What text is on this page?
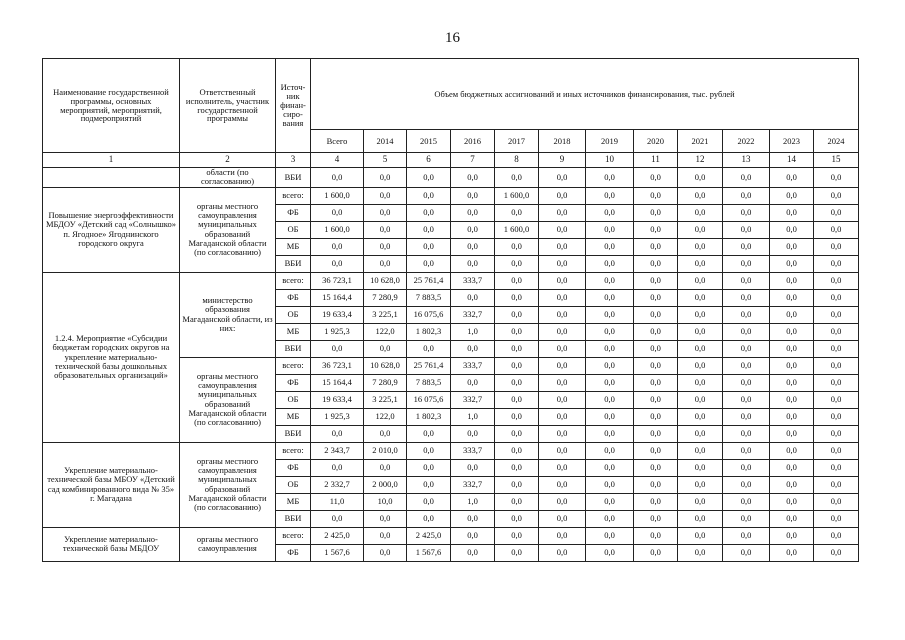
16
Наименование государственной программы, основных мероприятий, мероприятий, подмероприятий	Ответственный исполнитель, участник государственной программы	Источ-ник финан-сиро-вания	Объем бюджетных ассигнований и иных источников финансирования, тыс. рублей											
			Всего	2014	2015	2016	2017	2018	2019	2020	2021	2022	2023	2024
1	2	3	4	5	6	7	8	9	10	11	12	13	14	15
	области (по согласованию)	ВБИ	0,0	0,0	0,0	0,0	0,0	0,0	0,0	0,0	0,0	0,0	0,0	0,0
Повышение энергоэффективности МБДОУ «Детский сад «Солнышко» п. Ягодное» Ягоднинского городского округа	органы местного самоуправления муниципальных образований Магаданской области (по согласованию)	всего:	1 600,0	0,0	0,0	0,0	1 600,0	0,0	0,0	0,0	0,0	0,0	0,0	0,0
		ФБ	0,0	0,0	0,0	0,0	0,0	0,0	0,0	0,0	0,0	0,0	0,0	0,0
		ОБ	1 600,0	0,0	0,0	0,0	1 600,0	0,0	0,0	0,0	0,0	0,0	0,0	0,0
		МБ	0,0	0,0	0,0	0,0	0,0	0,0	0,0	0,0	0,0	0,0	0,0	0,0
		ВБИ	0,0	0,0	0,0	0,0	0,0	0,0	0,0	0,0	0,0	0,0	0,0	0,0
1.2.4. Мероприятие «Субсидии бюджетам городских округов на укрепление материально-технической базы дошкольных образовательных организаций»	министерство образования Магаданской области, из них:	всего:	36 723,1	10 628,0	25 761,4	333,7	0,0	0,0	0,0	0,0	0,0	0,0	0,0	0,0
		ФБ	15 164,4	7 280,9	7 883,5	0,0	0,0	0,0	0,0	0,0	0,0	0,0	0,0	0,0
		ОБ	19 633,4	3 225,1	16 075,6	332,7	0,0	0,0	0,0	0,0	0,0	0,0	0,0	0,0
		МБ	1 925,3	122,0	1 802,3	1,0	0,0	0,0	0,0	0,0	0,0	0,0	0,0	0,0
		ВБИ	0,0	0,0	0,0	0,0	0,0	0,0	0,0	0,0	0,0	0,0	0,0	0,0
	органы местного самоуправления муниципальных образований Магаданской области (по согласованию)	всего:	36 723,1	10 628,0	25 761,4	333,7	0,0	0,0	0,0	0,0	0,0	0,0	0,0	0,0
		ФБ	15 164,4	7 280,9	7 883,5	0,0	0,0	0,0	0,0	0,0	0,0	0,0	0,0	0,0
		ОБ	19 633,4	3 225,1	16 075,6	332,7	0,0	0,0	0,0	0,0	0,0	0,0	0,0	0,0
		МБ	1 925,3	122,0	1 802,3	1,0	0,0	0,0	0,0	0,0	0,0	0,0	0,0	0,0
		ВБИ	0,0	0,0	0,0	0,0	0,0	0,0	0,0	0,0	0,0	0,0	0,0	0,0
Укрепление материально-технической базы МБОУ «Детский сад комбинированного вида № 35» г. Магадана	органы местного самоуправления муниципальных образований Магаданской области (по согласованию)	всего:	2 343,7	2 010,0	0,0	333,7	0,0	0,0	0,0	0,0	0,0	0,0	0,0	0,0
		ФБ	0,0	0,0	0,0	0,0	0,0	0,0	0,0	0,0	0,0	0,0	0,0	0,0
		ОБ	2 332,7	2 000,0	0,0	332,7	0,0	0,0	0,0	0,0	0,0	0,0	0,0	0,0
		МБ	11,0	10,0	0,0	1,0	0,0	0,0	0,0	0,0	0,0	0,0	0,0	0,0
		ВБИ	0,0	0,0	0,0	0,0	0,0	0,0	0,0	0,0	0,0	0,0	0,0	0,0
Укрепление материально-технической базы МБДОУ	органы местного самоуправления	всего:	2 425,0	0,0	2 425,0	0,0	0,0	0,0	0,0	0,0	0,0	0,0	0,0	0,0
		ФБ	1 567,6	0,0	1 567,6	0,0	0,0	0,0	0,0	0,0	0,0	0,0	0,0	0,0
